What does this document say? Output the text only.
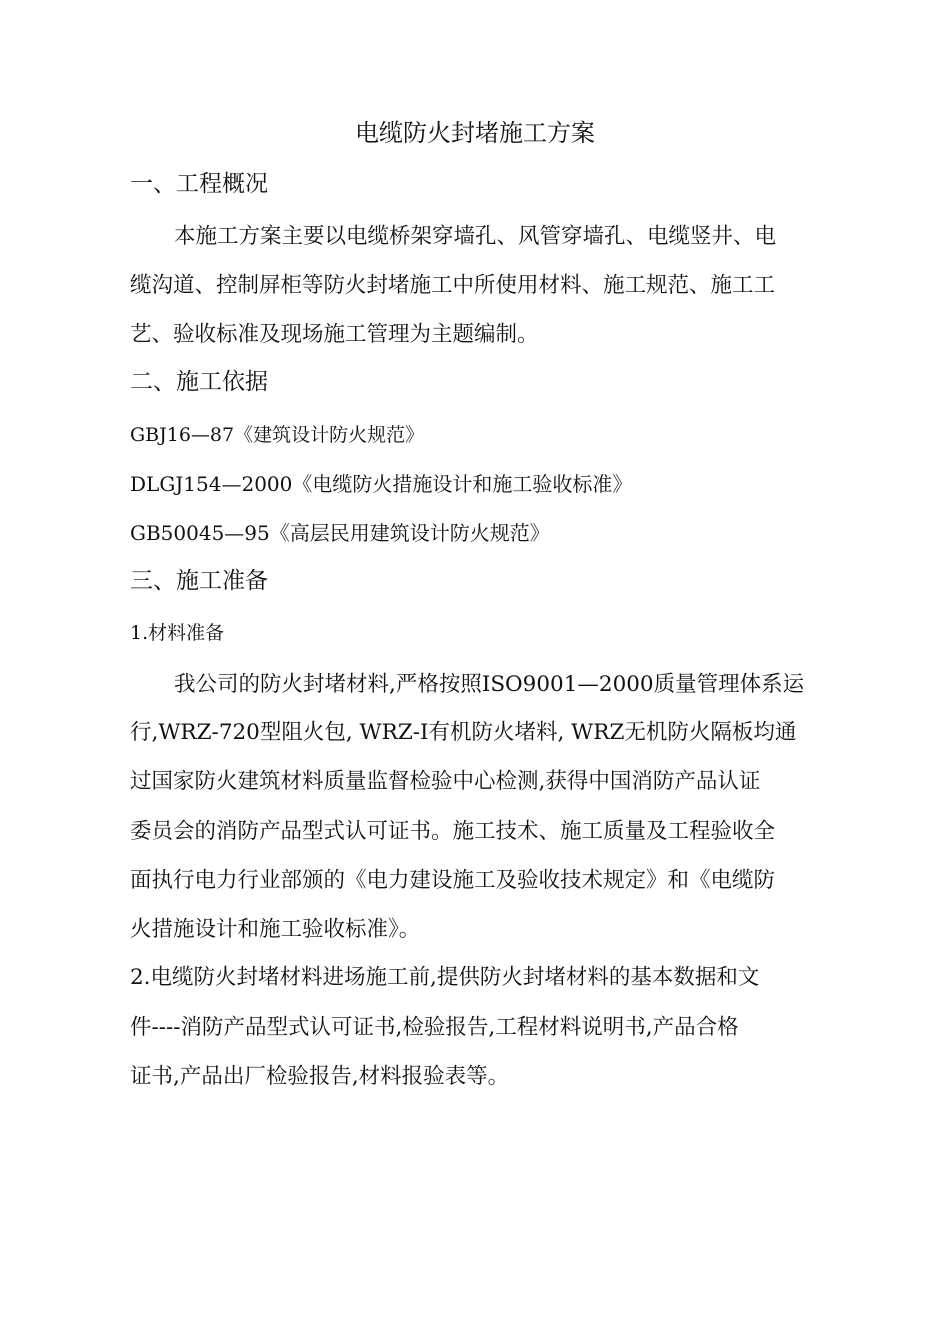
电缆防火封堵施工方案
一、工程概况
本施工方案主要以电缆桥架穿墙孔、风管穿墙孔、电缆竖井、电
缆沟道、控制屏柜等防火封堵施工中所使用材料、施工规范、施工工
艺、验收标准及现场施工管理为主题编制。
二、施工依据
GBJ16—87《建筑设计防火规范》
DLGJ154—2000《电缆防火措施设计和施工验收标准》
GB50045—95《高层民用建筑设计防火规范》
三、施工准备
1.材料准备
我公司的防火封堵材料,严格按照ISO9001—2000质量管理体系运
行,WRZ-720型阻火包, WRZ-Ⅰ有机防火堵料, WRZ无机防火隔板均通
过国家防火建筑材料质量监督检验中心检测,获得中国消防产品认证
委员会的消防产品型式认可证书。施工技术、施工质量及工程验收全
面执行电力行业部颁的《电力建设施工及验收技术规定》和《电缆防
火措施设计和施工验收标准》。
2.电缆防火封堵材料进场施工前,提供防火封堵材料的基本数据和文
件----消防产品型式认可证书,检验报告,工程材料说明书,产品合格
证书,产品出厂检验报告,材料报验表等。
